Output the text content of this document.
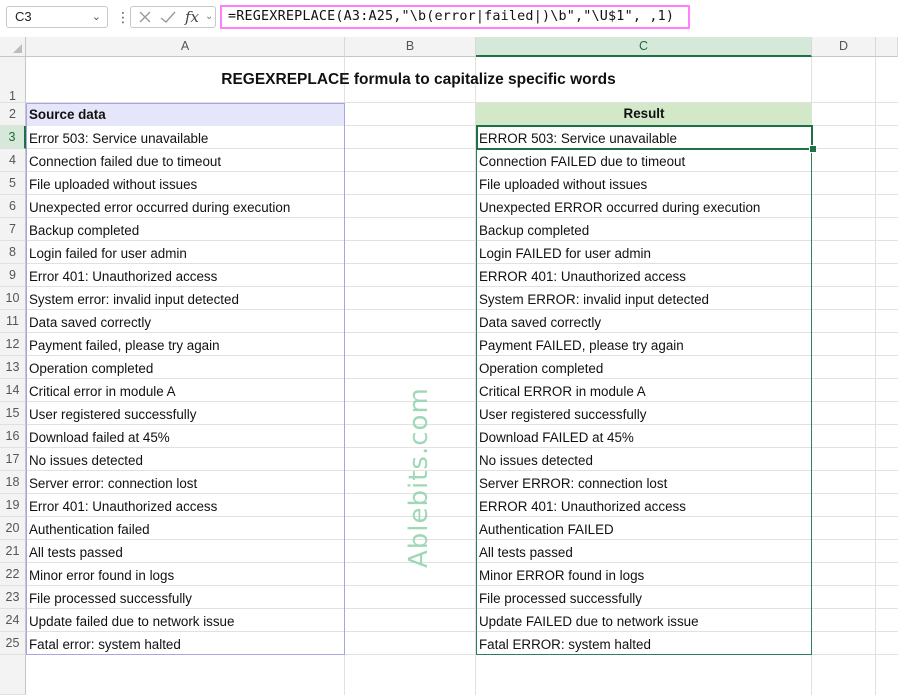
C3	⌄ ⋮	fx ⌄	=REGEXREPLACE(A3:A25,"\b(error|failed|)\b","\U$1", ,1)
A	B	C	D
1
2
3
4
5
6
7
8
9
10
11
12
13
14
15
16
17
18
19
20
21
22
23
24
25
REGEXREPLACE formula to capitalize specific words
Source data	Result
Error 503: Service unavailable	ERROR 503: Service unavailable
Connection failed due to timeout	Connection FAILED due to timeout
File uploaded without issues	File uploaded without issues
Unexpected error occurred during execution	Unexpected ERROR occurred during execution
Backup completed	Backup completed
Login failed for user admin	Login FAILED for user admin
Error 401: Unauthorized access	ERROR 401: Unauthorized access
System error: invalid input detected	System ERROR: invalid input detected
Data saved correctly	Data saved correctly
Payment failed, please try again	Payment FAILED, please try again
Operation completed	Operation completed
Critical error in module A	Critical ERROR in module A
User registered successfully	User registered successfully
Download failed at 45%	Download FAILED at 45%
No issues detected	No issues detected
Server error: connection lost	Server ERROR: connection lost
Error 401: Unauthorized access	ERROR 401: Unauthorized access
Authentication failed	Authentication FAILED
All tests passed	All tests passed
Minor error found in logs	Minor ERROR found in logs
File processed successfully	File processed successfully
Update failed due to network issue	Update FAILED due to network issue
Fatal error: system halted	Fatal ERROR: system halted
Ablebits.com
